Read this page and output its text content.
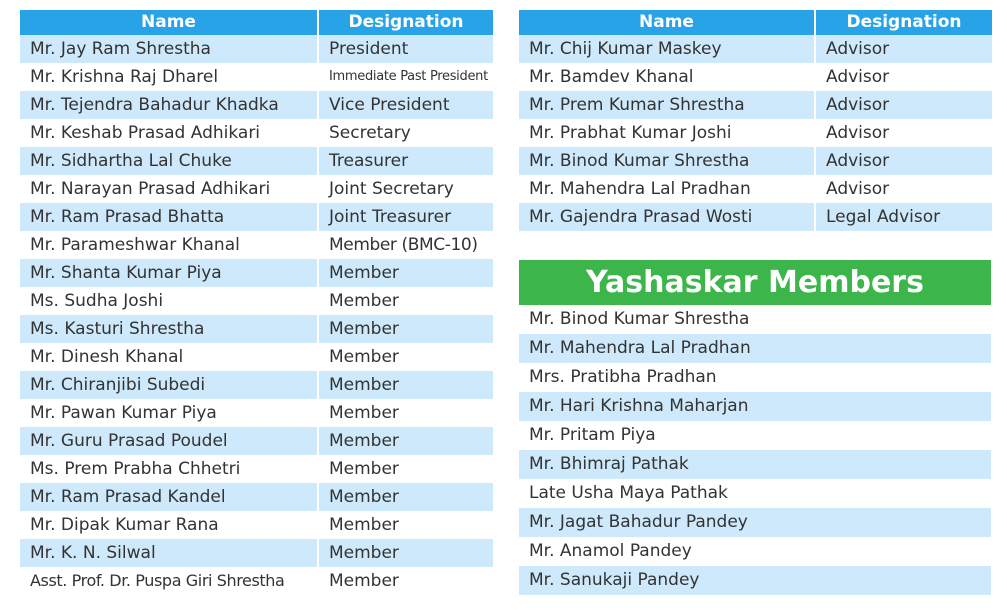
Name	Designation
Mr. Jay Ram Shrestha	President
Mr. Krishna Raj Dharel	Immediate Past President
Mr. Tejendra Bahadur Khadka	Vice President
Mr. Keshab Prasad Adhikari	Secretary
Mr. Sidhartha Lal Chuke	Treasurer
Mr. Narayan Prasad Adhikari	Joint Secretary
Mr. Ram Prasad Bhatta	Joint Treasurer
Mr. Parameshwar Khanal	Member (BMC-10)
Mr. Shanta Kumar Piya	Member
Ms. Sudha Joshi	Member
Ms. Kasturi Shrestha	Member
Mr. Dinesh Khanal	Member
Mr. Chiranjibi Subedi	Member
Mr. Pawan Kumar Piya	Member
Mr. Guru Prasad Poudel	Member
Ms. Prem Prabha Chhetri	Member
Mr. Ram Prasad Kandel	Member
Mr. Dipak Kumar Rana	Member
Mr. K. N. Silwal	Member
Asst. Prof. Dr. Puspa Giri Shrestha	Member
Name	Designation
Mr. Chij Kumar Maskey	Advisor
Mr. Bamdev Khanal	Advisor
Mr. Prem Kumar Shrestha	Advisor
Mr. Prabhat Kumar Joshi	Advisor
Mr. Binod Kumar Shrestha	Advisor
Mr. Mahendra Lal Pradhan	Advisor
Mr. Gajendra Prasad Wosti	Legal Advisor
Yashaskar Members
Mr. Binod Kumar Shrestha
Mr. Mahendra Lal Pradhan
Mrs. Pratibha Pradhan
Mr. Hari Krishna Maharjan
Mr. Pritam Piya
Mr. Bhimraj Pathak
Late Usha Maya Pathak
Mr. Jagat Bahadur Pandey
Mr. Anamol Pandey
Mr. Sanukaji Pandey
